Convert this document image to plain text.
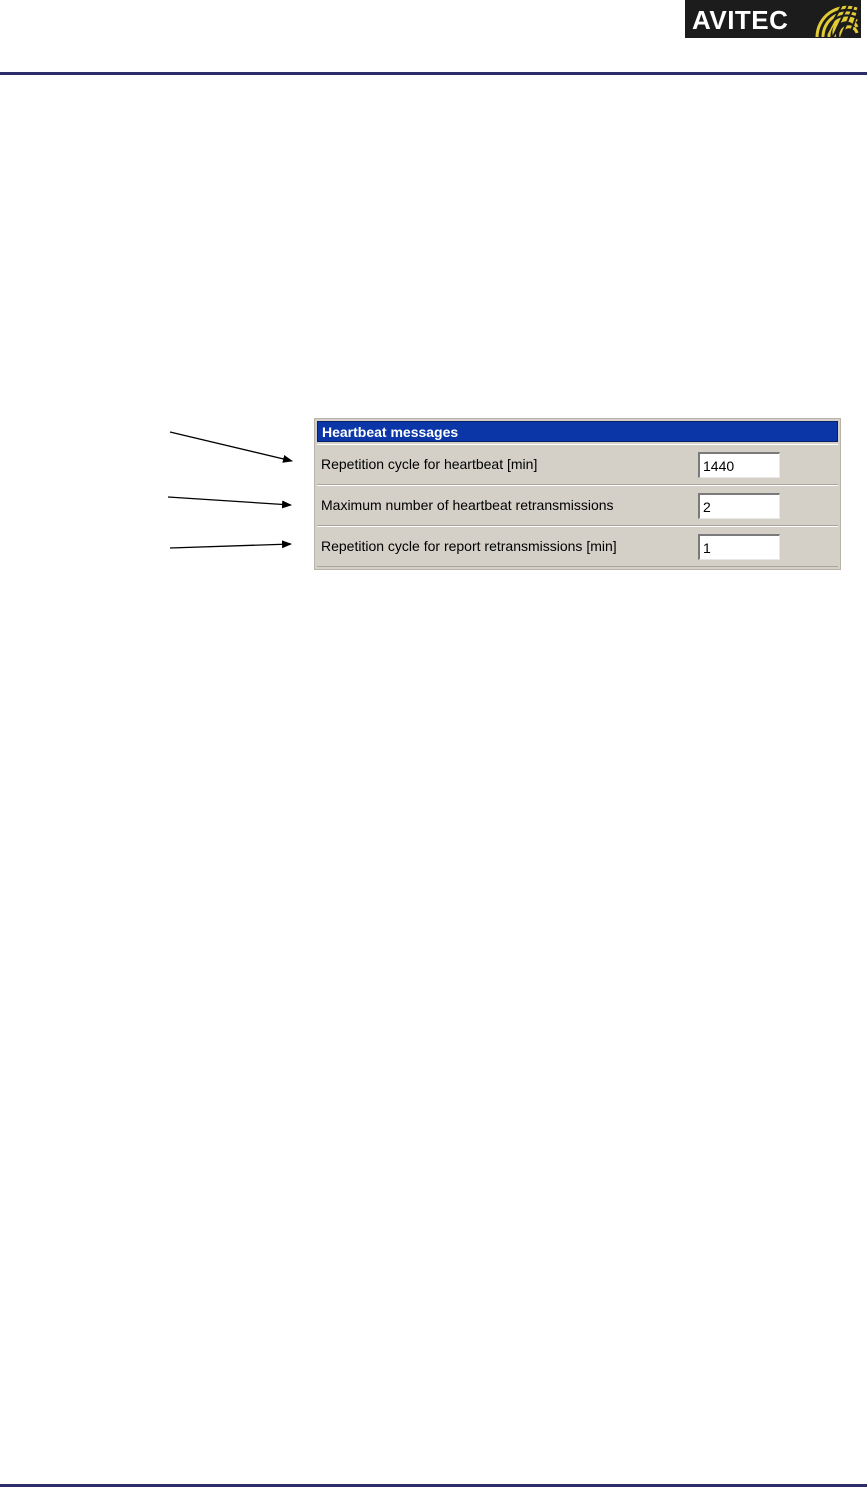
AVITEC
Heartbeat messages
Repetition cycle for heartbeat [min]
1440
Maximum number of heartbeat retransmissions
2
Repetition cycle for report retransmissions [min]
1
